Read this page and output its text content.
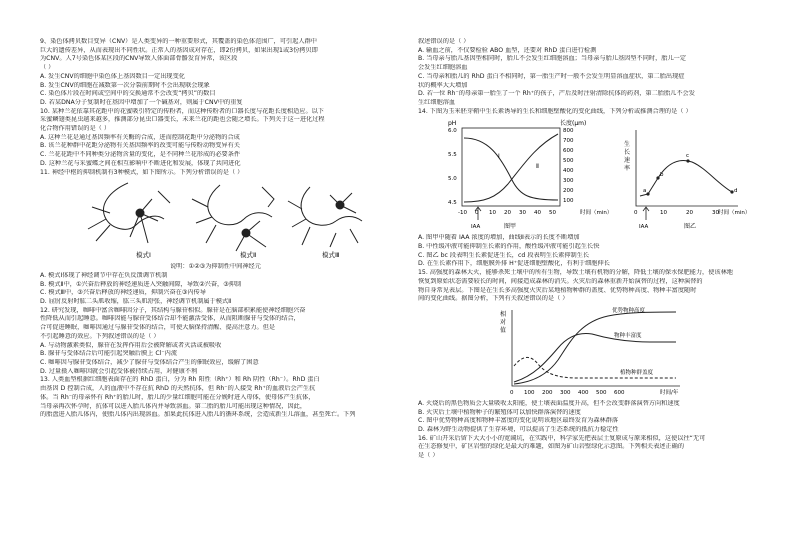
9、染色体拷贝数目变异（CNV）是人类变异的一种重要形式，其覆盖的染色体范围广，可引起人群中

巨大的遗传差异，从而表现出不同性状。正常人的基因成对存在，即2份拷贝，如果出现1或3份拷贝即

为CNV。人7号染色体某区段的CNV导致人体面部骨骼发育异常，该区段

（ ）

A. 发生CNV的细胞中染色体上基因数目一定出现变化

B. 发生CNV的细胞在减数第一次分裂前期时不会出现联会现象

C. 染色体片段在时间或空间中的交换通常不会改变“拷贝”的数目

D. 若某DNA分子复制时在基因中增加了一个碱基对，则属于CNV中的重复

10. 某种兰花依靠其花距中的花蜜吸引特定的传粉者，而这种传粉者的口器长度与花距长度相适应。以下

采蜜鳞翅类昆虫越来越多，推测部分昆虫口器变长，未来兰花的距也会随之增长。下列关于这一进化过程

化合物作用错误的是（ ）

A. 这种兰花是通过基因频率有关酶的合成，进而控制花距中分泌物的合成

B. 该兰花种群中花距分泌物有关基因频率的改变可能与传粉动物变异有关

C. 兰花花距中不同种类分泌物含量的变化，是不同种兰花形成的必要条件

D. 这种兰花与采蜜蝶之间在相互影响中不断进化和发展，体现了共同进化

11. 神经中枢的抑制机制有3种模式，如下图所示。下列分析错误的是（ ）

模式Ⅰ	模式Ⅱ	模式Ⅲ

说明：①②③为抑制性中间神经元

A. 模式Ⅰ体现了神经调节中存在负反馈调节机制

B. 模式Ⅱ中，①兴奋后释放的神经递质进入突触间隙，导致②兴奋，③抑制

C. 模式Ⅲ中，③兴奋后释放的神经递质，抑制兴奋在③内传导

D. 屈肘反射时肱二头肌收缩，肱三头肌舒张，神经调节机制属于模式Ⅱ

12. 研究发现，咖啡中富含咖啡因分子，其结构与腺苷相似。腺苷是在脑部积累能使神经细胞兴奋

性降低从而引起睡意。咖啡因能与腺苷受体结合却不能激活受体，从而阻断腺苷与受体的结合，

合可促进睡眠，咖啡因通过与腺苷受体的结合，可使大脑保持清醒、提高注意力。但是

不引起睡意的效应。下列叙述错误的是（ ）

A. 与动物激素类似，腺苷在发挥作用后会被降解或者灭活或被吸收

B. 腺苷与受体结合后可能引起突触后膜上 Cl⁻内流

C. 咖啡因与腺苷受体结合，减少了腺苷与受体结合产生的催眠效应，缓解了困意

D. 过量摄入咖啡因就会引起受体被持续占用，对健康不利

13. 人类血型根据红细胞表面存在的 RhD 蛋白，分为 Rh 阳性（Rh⁺）和 Rh 阴性（Rh⁻）。RhD 蛋白

由基因 D 控制合成，人的血液中不存在抗 RhD 的天然抗体，但 Rh⁻的人接受 Rh⁺的血液后会产生抗

体。当 Rh⁻的母亲怀有 Rh⁺的胎儿时，胎儿的少量红细胞可能在分娩时进入母体，使母体产生抗体，

当母亲再次怀孕时，抗体可以进入胎儿体内并导致溶血。第二胎的胎儿可能出现这种情况，因此，

的胎盘进入胎儿体内，使胎儿体内出现溶血。加果此抗体进入胎儿的循环系统，会造成新生儿溶血，甚至死亡。下列

叙述错误的是（ ）

A. 输血之前，不仅要检验 ABO 血型，还要对 RhD 蛋白进行检测

B. 当母亲与胎儿基因型相同时，胎儿不会发生红细胞溶血；当母亲与胎儿基因型不同时，胎儿一定

会发生红细胞溶血

C. 当母亲和胎儿的 RhD 蛋白不相同时，第一胎生产时一般不会发生明显溶血症状，第二胎出现症

状的概率大大增加

D. 若一位 Rh⁻的母亲第一胎生了一个 Rh⁺的孩子，产后及时注射清除抗体的药剂，第二胎胎儿不会发

生红细胞溶血

14. 下图为玉米胚芽鞘中生长素诱导的生长和细胞壁酸化的变化曲线，下列分析或推测合理的是（ ）

pH	长度(μm)
6.0
5.5
5.0
4.5
800
700
600
500
400
300
200
100
-10 0 10 20 30 40 50	时间（min）
Ⅰ
Ⅱ
IAA	图甲
生
长
速
率
a
b
c
d
0	10	20	30 时间（min）
IAA	图乙

A. 图甲中随着 IAA 浓度的增加，曲线Ⅱ表示的长度不断增加

B. 中性缓冲液可能抑制生长素的作用，酸性缓冲液可能引起生长快

C. 图乙 bc 段表明生长素促进生长，cd 段表明生长素抑制生长

D. 在生长素作用下，细胞膜外排 H⁺促进细胞壁酸化，有利于细胞伸长

15. 高强度的森林大火，能够杀死土壤中的所有生物，导致土壤有机物的分解，降低土壤的保水保肥能力，使该林地

恢复到原始状态需要较长的时间，间接造成森林的消失。火灾后的森林重新开始演替的过程，这种演替的

物自身常见表层。下图是在生长多高强度火灾后某地植物种群的盖度、优势物种高度、物种丰富度随时

间的变化曲线。据图分析，下列有关叙述错误的是（ ）

相
对
值
优势物种高度
物种丰富度
植物种群盖度
0 100 200 300 400 500 600	时间/年

A. 火烧后的黑色物质会大量吸收太阳能，使土壤表面温度升高，但不会改变群落演替方向和速度

B. 火灾后土壤中植物种子的繁殖体可以加快群落演替的速度

C. 图中优势物种高度和物种丰富度的变化说明该地区最终发育为森林群落

D. 森林为野生动物提供了生存环境，可以提高了生态系统的抵抗力稳定性

16. 矿山开采后留下大大小小的宽阔坑，在实践中，科学家先把表层土复原成与原来相似，这使以往“无可

在生态修复中，矿区岩壁的绿化是最大的难题，如图为矿山岩壁绿化示意图。下列相关表述正确的

是（ ）
